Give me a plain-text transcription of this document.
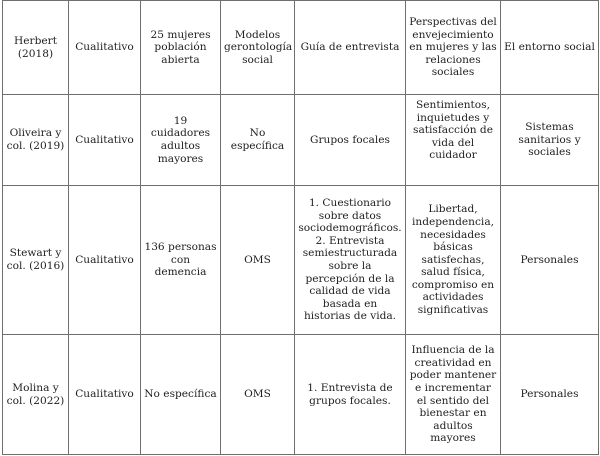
Herbert (2018)	Cualitativo	25 mujeres población abierta	Modelos gerontología social	Guía de entrevista	Perspectivas del envejecimiento en mujeres y las relaciones sociales	El entorno social
Oliveira y col. (2019)	Cualitativo	19 cuidadores adultos mayores	No específica	Grupos focales	Sentimientos, inquietudes y satisfacción de vida del cuidador	Sistemas sanitarios y sociales
Stewart y col. (2016)	Cualitativo	136 personas con demencia	OMS	1. Cuestionario sobre datos sociodemográficos. 2. Entrevista semiestructurada sobre la percepción de la calidad de vida basada en historias de vida.	Libertad, independencia, necesidades básicas satisfechas, salud física, compromiso en actividades significativas	Personales
Molina y col. (2022)	Cualitativo	No específica	OMS	1. Entrevista de grupos focales.	Influencia de la creatividad en poder mantener e incrementar el sentido del bienestar en adultos mayores	Personales
